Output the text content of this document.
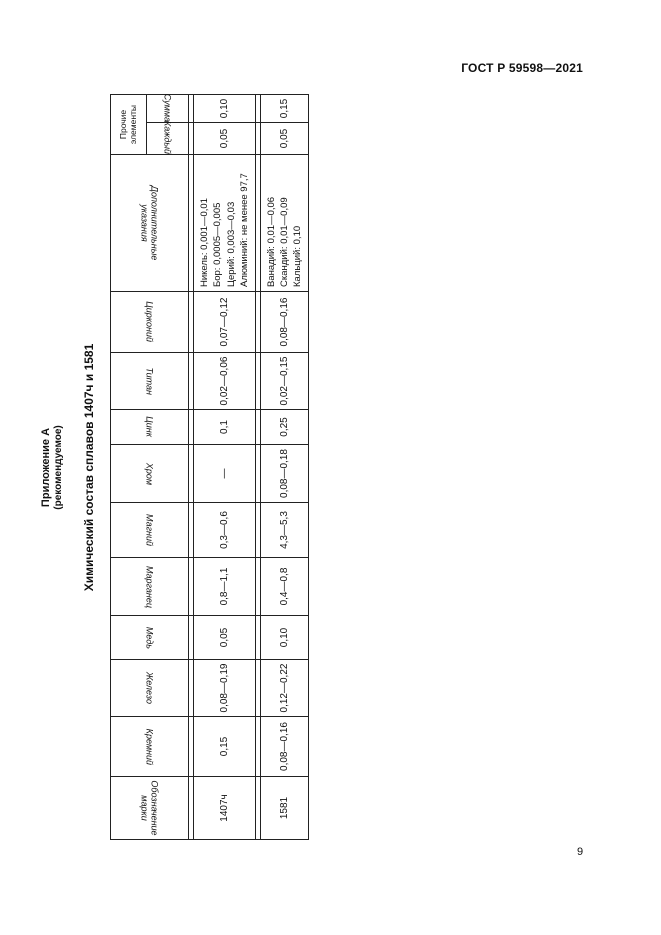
ГОСТ Р 59598—2021
Приложение А (рекомендуемое) Химический состав сплавов 1407ч и 1581
Обозначение марки	Кремний	Железо	Медь	Марганец	Магний	Хром	Цинк	Титан	Цирконий	Дополнительные указания	Прочие элементы	
											Каждый	Сумма

1407ч	0,15	0,08—0,19	0,05	0,8—1,1	0,3—0,6	—	0,1	0,02—0,06	0,07—0,12	Никель: 0,001—0,01 Бор: 0,0005—0,005 Церий: 0,003—0,03 Алюминий: не менее 97,7	0,05	0,10

1581	0,08—0,16	0,12—0,22	0,10	0,4—0,8	4,3—5,3	0,08—0,18	0,25	0,02—0,15	0,08—0,16	Ванадий: 0,01—0,06 Скандий: 0,01—0,09 Кальций: 0,10	0,05	0,15
9
